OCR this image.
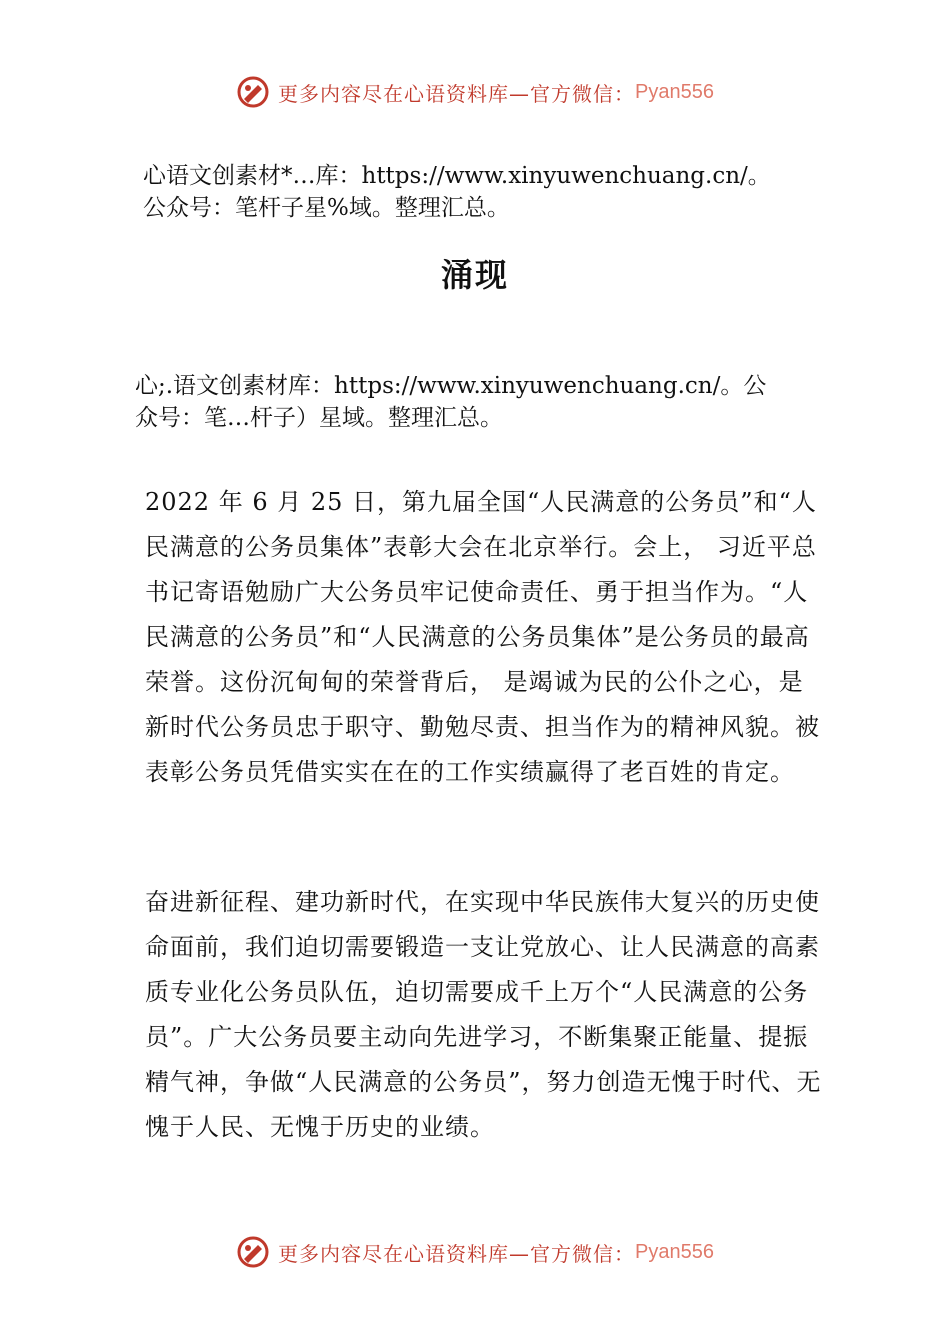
更多内容尽在心语资料库—官方微信： Pyan556
心语文创素材*…库：https://www.xinyuwenchuang.cn/。
公众号：笔杆子星%域。整理汇总。
涌现
心;.语文创素材库：https://www.xinyuwenchuang.cn/。公
众号：笔…杆子）星域。整理汇总。

2022 年 6 月 25 日，第九届全国“人民满意的公务员”和“人民满意的公务员集体”表彰大会在北京举行。会上， 习近平总书记寄语勉励广大公务员牢记使命责任、勇于担当作为。“人民满意的公务员”和“人民满意的公务员集体”是公务员的最高荣誉。这份沉甸甸的荣誉背后， 是竭诚为民的公仆之心，是新时代公务员忠于职守、勤勉尽责、担当作为的精神风貌。被表彰公务员凭借实实在在的工作实绩赢得了老百姓的肯定。

奋进新征程、建功新时代，在实现中华民族伟大复兴的历史使命面前，我们迫切需要锻造一支让党放心、让人民满意的高素质专业化公务员队伍，迫切需要成千上万个“人民满意的公务员”。广大公务员要主动向先进学习，不断集聚正能量、提振精气神，争做“人民满意的公务员”，努力创造无愧于时代、无愧于人民、无愧于历史的业绩。

更多内容尽在心语资料库—官方微信： Pyan556
